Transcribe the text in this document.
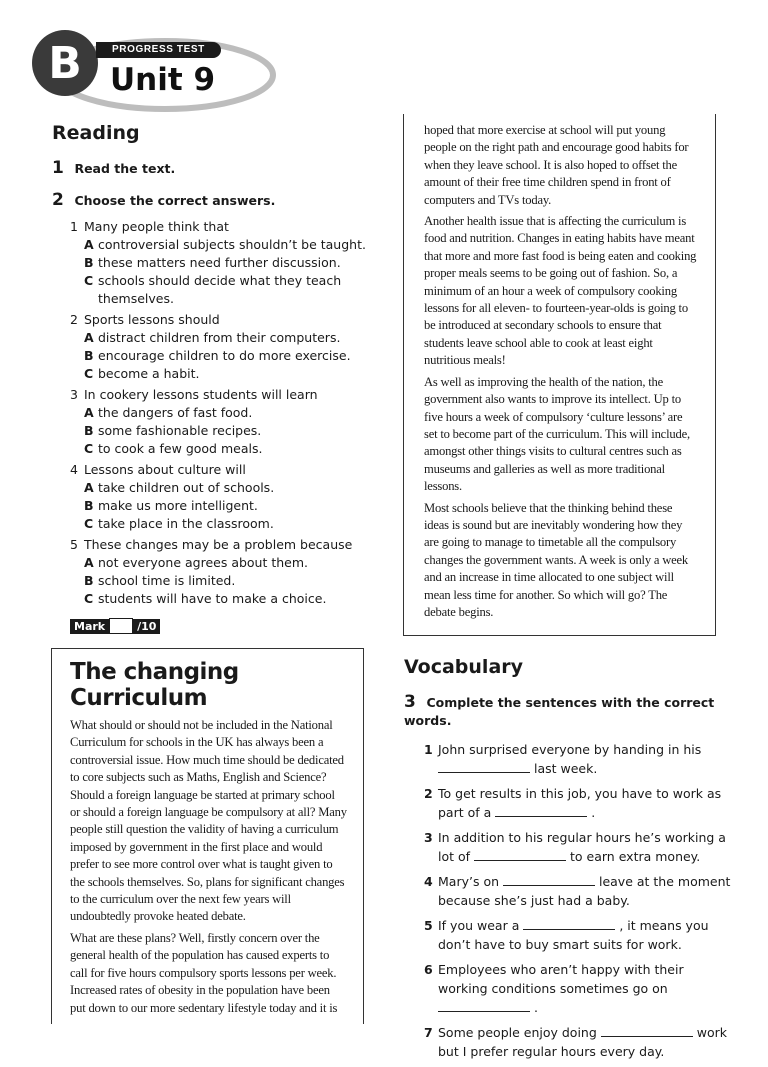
B	PROGRESS TEST
Unit 9
Reading
1 Read the text.
2 Choose the correct answers.
1 Many people think that
A controversial subjects shouldn’t be taught.
B these matters need further discussion.
C schools should decide what they teach themselves.
2 Sports lessons should
A distract children from their computers.
B encourage children to do more exercise.
C become a habit.
3 In cookery lessons students will learn
A the dangers of fast food.
B some fashionable recipes.
C to cook a few good meals.
4 Lessons about culture will
A take children out of schools.
B make us more intelligent.
C take place in the classroom.
5 These changes may be a problem because
A not everyone agrees about them.
B school time is limited.
C students will have to make a choice.
Mark	/10

hoped that more exercise at school will put young people on the right path and encourage good habits for when they leave school. It is also hoped to offset the amount of their free time children spend in front of computers and TVs today.

Another health issue that is affecting the curriculum is food and nutrition. Changes in eating habits have meant that more and more fast food is being eaten and cooking proper meals seems to be going out of fashion. So, a minimum of an hour a week of compulsory cooking lessons for all eleven- to fourteen-year-olds is going to be introduced at secondary schools to ensure that students leave school able to cook at least eight nutritious meals!

As well as improving the health of the nation, the government also wants to improve its intellect. Up to five hours a week of compulsory ‘culture lessons’ are set to become part of the curriculum. This will include, amongst other things visits to cultural centres such as museums and galleries as well as more traditional lessons.

Most schools believe that the thinking behind these ideas is sound but are inevitably wondering how they are going to manage to timetable all the compulsory changes the government wants. A week is only a week and an increase in time allocated to one subject will mean less time for another. So which will go? The debate begins.

The changing Curriculum

What should or should not be included in the National Curriculum for schools in the UK has always been a controversial issue. How much time should be dedicated to core subjects such as Maths, English and Science? Should a foreign language be started at primary school or should a foreign language be compulsory at all? Many people still question the validity of having a curriculum imposed by government in the first place and would prefer to see more control over what is taught given to the schools themselves. So, plans for significant changes to the curriculum over the next few years will undoubtedly provoke heated debate.

What are these plans? Well, firstly concern over the general health of the population has caused experts to call for five hours compulsory sports lessons per week. Increased rates of obesity in the population have been put down to our more sedentary lifestyle today and it is

Vocabulary
3 Complete the sentences with the correct words.
1 John surprised everyone by handing in his
last week.
2 To get results in this job, you have to work as part of a	.
3 In addition to his regular hours he’s working a lot of	to earn extra money.
4 Mary’s on	leave at the moment because she’s just had a baby.
5 If you wear a	, it means you don’t have to buy smart suits for work.
6 Employees who aren’t happy with their working conditions sometimes go on  .
7 Some people enjoy doing	work but I prefer regular hours every day.
